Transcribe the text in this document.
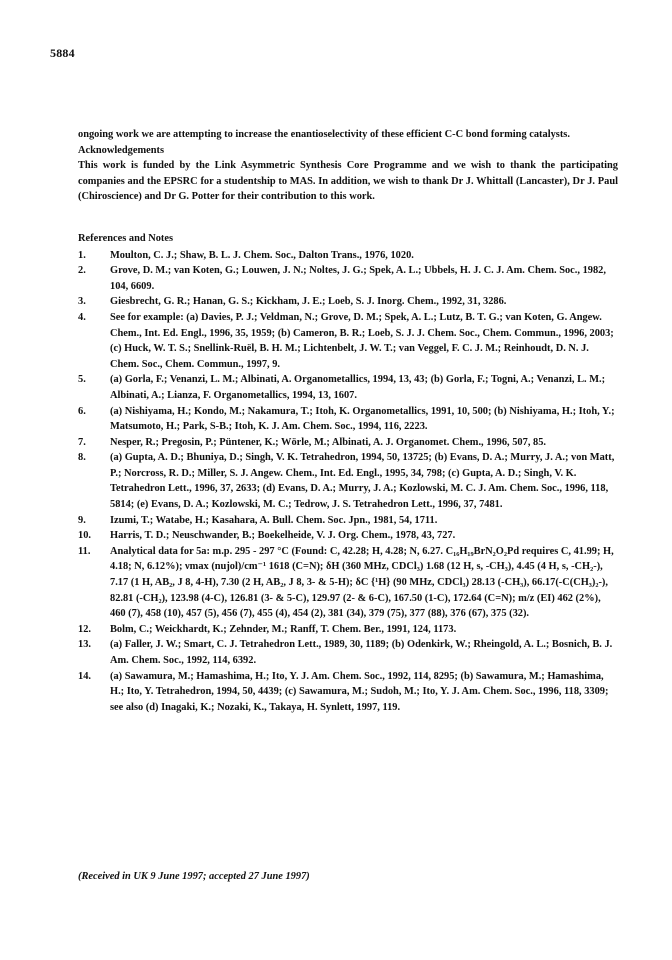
5884

ongoing work we are attempting to increase the enantioselectivity of these efficient C-C bond forming catalysts.

Acknowledgements

This work is funded by the Link Asymmetric Synthesis Core Programme and we wish to thank the participating companies and the EPSRC for a studentship to MAS. In addition, we wish to thank Dr J. Whittall (Lancaster), Dr J. Paul (Chiroscience) and Dr G. Potter for their contribution to this work.

References and Notes

1.	Moulton, C. J.; Shaw, B. L. J. Chem. Soc., Dalton Trans., 1976, 1020.
2.	Grove, D. M.; van Koten, G.; Louwen, J. N.; Noltes, J. G.; Spek, A. L.; Ubbels, H. J. C. J. Am. Chem. Soc., 1982, 104, 6609.
3.	Giesbrecht, G. R.; Hanan, G. S.; Kickham, J. E.; Loeb, S. J. Inorg. Chem., 1992, 31, 3286.
4.	See for example: (a) Davies, P. J.; Veldman, N.; Grove, D. M.; Spek, A. L.; Lutz, B. T. G.; van Koten, G. Angew. Chem., Int. Ed. Engl., 1996, 35, 1959; (b) Cameron, B. R.; Loeb, S. J. J. Chem. Soc., Chem. Commun., 1996, 2003; (c) Huck, W. T. S.; Snellink-Ruël, B. H. M.; Lichtenbelt, J. W. T.; van Veggel, F. C. J. M.; Reinhoudt, D. N. J. Chem. Soc., Chem. Commun., 1997, 9.
5.	(a) Gorla, F.; Venanzi, L. M.; Albinati, A. Organometallics, 1994, 13, 43; (b) Gorla, F.; Togni, A.; Venanzi, L. M.; Albinati, A.; Lianza, F. Organometallics, 1994, 13, 1607.
6.	(a) Nishiyama, H.; Kondo, M.; Nakamura, T.; Itoh, K. Organometallics, 1991, 10, 500; (b) Nishiyama, H.; Itoh, Y.; Matsumoto, H.; Park, S-B.; Itoh, K. J. Am. Chem. Soc., 1994, 116, 2223.
7.	Nesper, R.; Pregosin, P.; Püntener, K.; Wörle, M.; Albinati, A. J. Organomet. Chem., 1996, 507, 85.
8.	(a) Gupta, A. D.; Bhuniya, D.; Singh, V. K. Tetrahedron, 1994, 50, 13725; (b) Evans, D. A.; Murry, J. A.; von Matt, P.; Norcross, R. D.; Miller, S. J. Angew. Chem., Int. Ed. Engl., 1995, 34, 798; (c) Gupta, A. D.; Singh, V. K. Tetrahedron Lett., 1996, 37, 2633; (d) Evans, D. A.; Murry, J. A.; Kozlowski, M. C. J. Am. Chem. Soc., 1996, 118, 5814; (e) Evans, D. A.; Kozlowski, M. C.; Tedrow, J. S. Tetrahedron Lett., 1996, 37, 7481.
9.	Izumi, T.; Watabe, H.; Kasahara, A. Bull. Chem. Soc. Jpn., 1981, 54, 1711.
10.	Harris, T. D.; Neuschwander, B.; Boekelheide, V. J. Org. Chem., 1978, 43, 727.
11.	Analytical data for 5a: m.p. 295 - 297 °C (Found: C, 42.28; H, 4.28; N, 6.27. C₁₆H₁₉BrN₂O₂Pd requires C, 41.99; H, 4.18; N, 6.12%); νmax (nujol)/cm⁻¹ 1618 (C=N); δH (360 MHz, CDCl₃) 1.68 (12 H, s, -CH₃), 4.45 (4 H, s, -CH₂-), 7.17 (1 H, AB₂, J 8, 4-H), 7.30 (2 H, AB₂, J 8, 3- & 5-H); δC {¹H} (90 MHz, CDCl₃) 28.13 (-CH₃), 66.17(-C(CH₃)₂-), 82.81 (-CH₂), 123.98 (4-C), 126.81 (3- & 5-C), 129.97 (2- & 6-C), 167.50 (1-C), 172.64 (C=N); m/z (EI) 462 (2%), 460 (7), 458 (10), 457 (5), 456 (7), 455 (4), 454 (2), 381 (34), 379 (75), 377 (88), 376 (67), 375 (32).
12.	Bolm, C.; Weickhardt, K.; Zehnder, M.; Ranff, T. Chem. Ber., 1991, 124, 1173.
13.	(a) Faller, J. W.; Smart, C. J. Tetrahedron Lett., 1989, 30, 1189; (b) Odenkirk, W.; Rheingold, A. L.; Bosnich, B. J. Am. Chem. Soc., 1992, 114, 6392.
14.	(a) Sawamura, M.; Hamashima, H.; Ito, Y. J. Am. Chem. Soc., 1992, 114, 8295; (b) Sawamura, M.; Hamashima, H.; Ito, Y. Tetrahedron, 1994, 50, 4439; (c) Sawamura, M.; Sudoh, M.; Ito, Y. J. Am. Chem. Soc., 1996, 118, 3309; see also (d) Inagaki, K.; Nozaki, K., Takaya, H. Synlett, 1997, 119.
(Received in UK 9 June 1997; accepted 27 June 1997)
